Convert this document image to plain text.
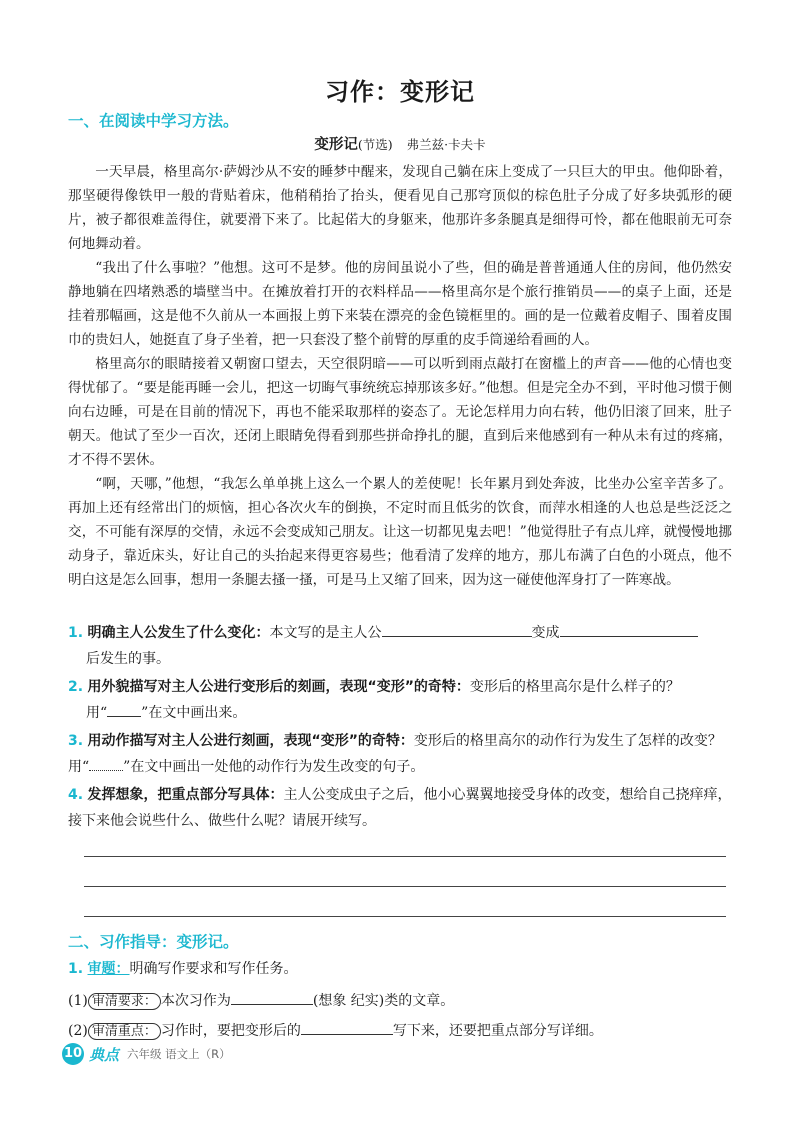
习作：变形记
一、在阅读中学习方法。
变形记(节选) 弗兰兹·卡夫卡

一天早晨，格里高尔·萨姆沙从不安的睡梦中醒来，发现自己躺在床上变成了一只巨大的甲虫。他仰卧着，那坚硬得像铁甲一般的背贴着床，他稍稍抬了抬头，便看见自己那穹顶似的棕色肚子分成了好多块弧形的硬片，被子都很难盖得住，就要滑下来了。比起偌大的身躯来，他那许多条腿真是细得可怜，都在他眼前无可奈何地舞动着。

“我出了什么事啦？”他想。这可不是梦。他的房间虽说小了些，但的确是普普通通人住的房间，他仍然安静地躺在四堵熟悉的墙壁当中。在摊放着打开的衣料样品——格里高尔是个旅行推销员——的桌子上面，还是挂着那幅画，这是他不久前从一本画报上剪下来装在漂亮的金色镜框里的。画的是一位戴着皮帽子、围着皮围巾的贵妇人，她挺直了身子坐着，把一只套没了整个前臂的厚重的皮手筒递给看画的人。

格里高尔的眼睛接着又朝窗口望去，天空很阴暗——可以听到雨点敲打在窗槛上的声音——他的心情也变得忧郁了。“要是能再睡一会儿，把这一切晦气事统统忘掉那该多好。”他想。但是完全办不到，平时他习惯于侧向右边睡，可是在目前的情况下，再也不能采取那样的姿态了。无论怎样用力向右转，他仍旧滚了回来，肚子朝天。他试了至少一百次，还闭上眼睛免得看到那些拼命挣扎的腿，直到后来他感到有一种从未有过的疼痛，才不得不罢休。

“啊，天哪，”他想，“我怎么单单挑上这么一个累人的差使呢！长年累月到处奔波，比坐办公室辛苦多了。再加上还有经常出门的烦恼，担心各次火车的倒换，不定时而且低劣的饮食，而萍水相逢的人也总是些泛泛之交，不可能有深厚的交情，永远不会变成知己朋友。让这一切都见鬼去吧！”他觉得肚子有点儿痒，就慢慢地挪动身子，靠近床头，好让自己的头抬起来得更容易些；他看清了发痒的地方，那儿布满了白色的小斑点，他不明白这是怎么回事，想用一条腿去搔一搔，可是马上又缩了回来，因为这一碰使他浑身打了一阵寒战。

1. 明确主人公发生了什么变化：本文写的是主人公	变成
后发生的事。
2. 用外貌描写对主人公进行变形后的刻画，表现“变形”的奇特：变形后的格里高尔是什么样子的？
用“ ”在文中画出来。
3. 用动作描写对主人公进行刻画，表现“变形”的奇特：变形后的格里高尔的动作行为发生了怎样的改变？用“ ”在文中画出一处他的动作行为发生改变的句子。
4. 发挥想象，把重点部分写具体：主人公变成虫子之后，他小心翼翼地接受身体的改变，想给自己挠痒痒，接下来他会说些什么、做些什么呢？请展开续写。
二、习作指导：变形记。
1. 审题：明确写作要求和写作任务。
(1) 审清要求： 本次习作为	(想象 纪实)类的文章。
(2) 审清重点： 习作时，要把变形后的	写下来，还要把重点部分写详细。
10 典点 六年级 语文上（R）
